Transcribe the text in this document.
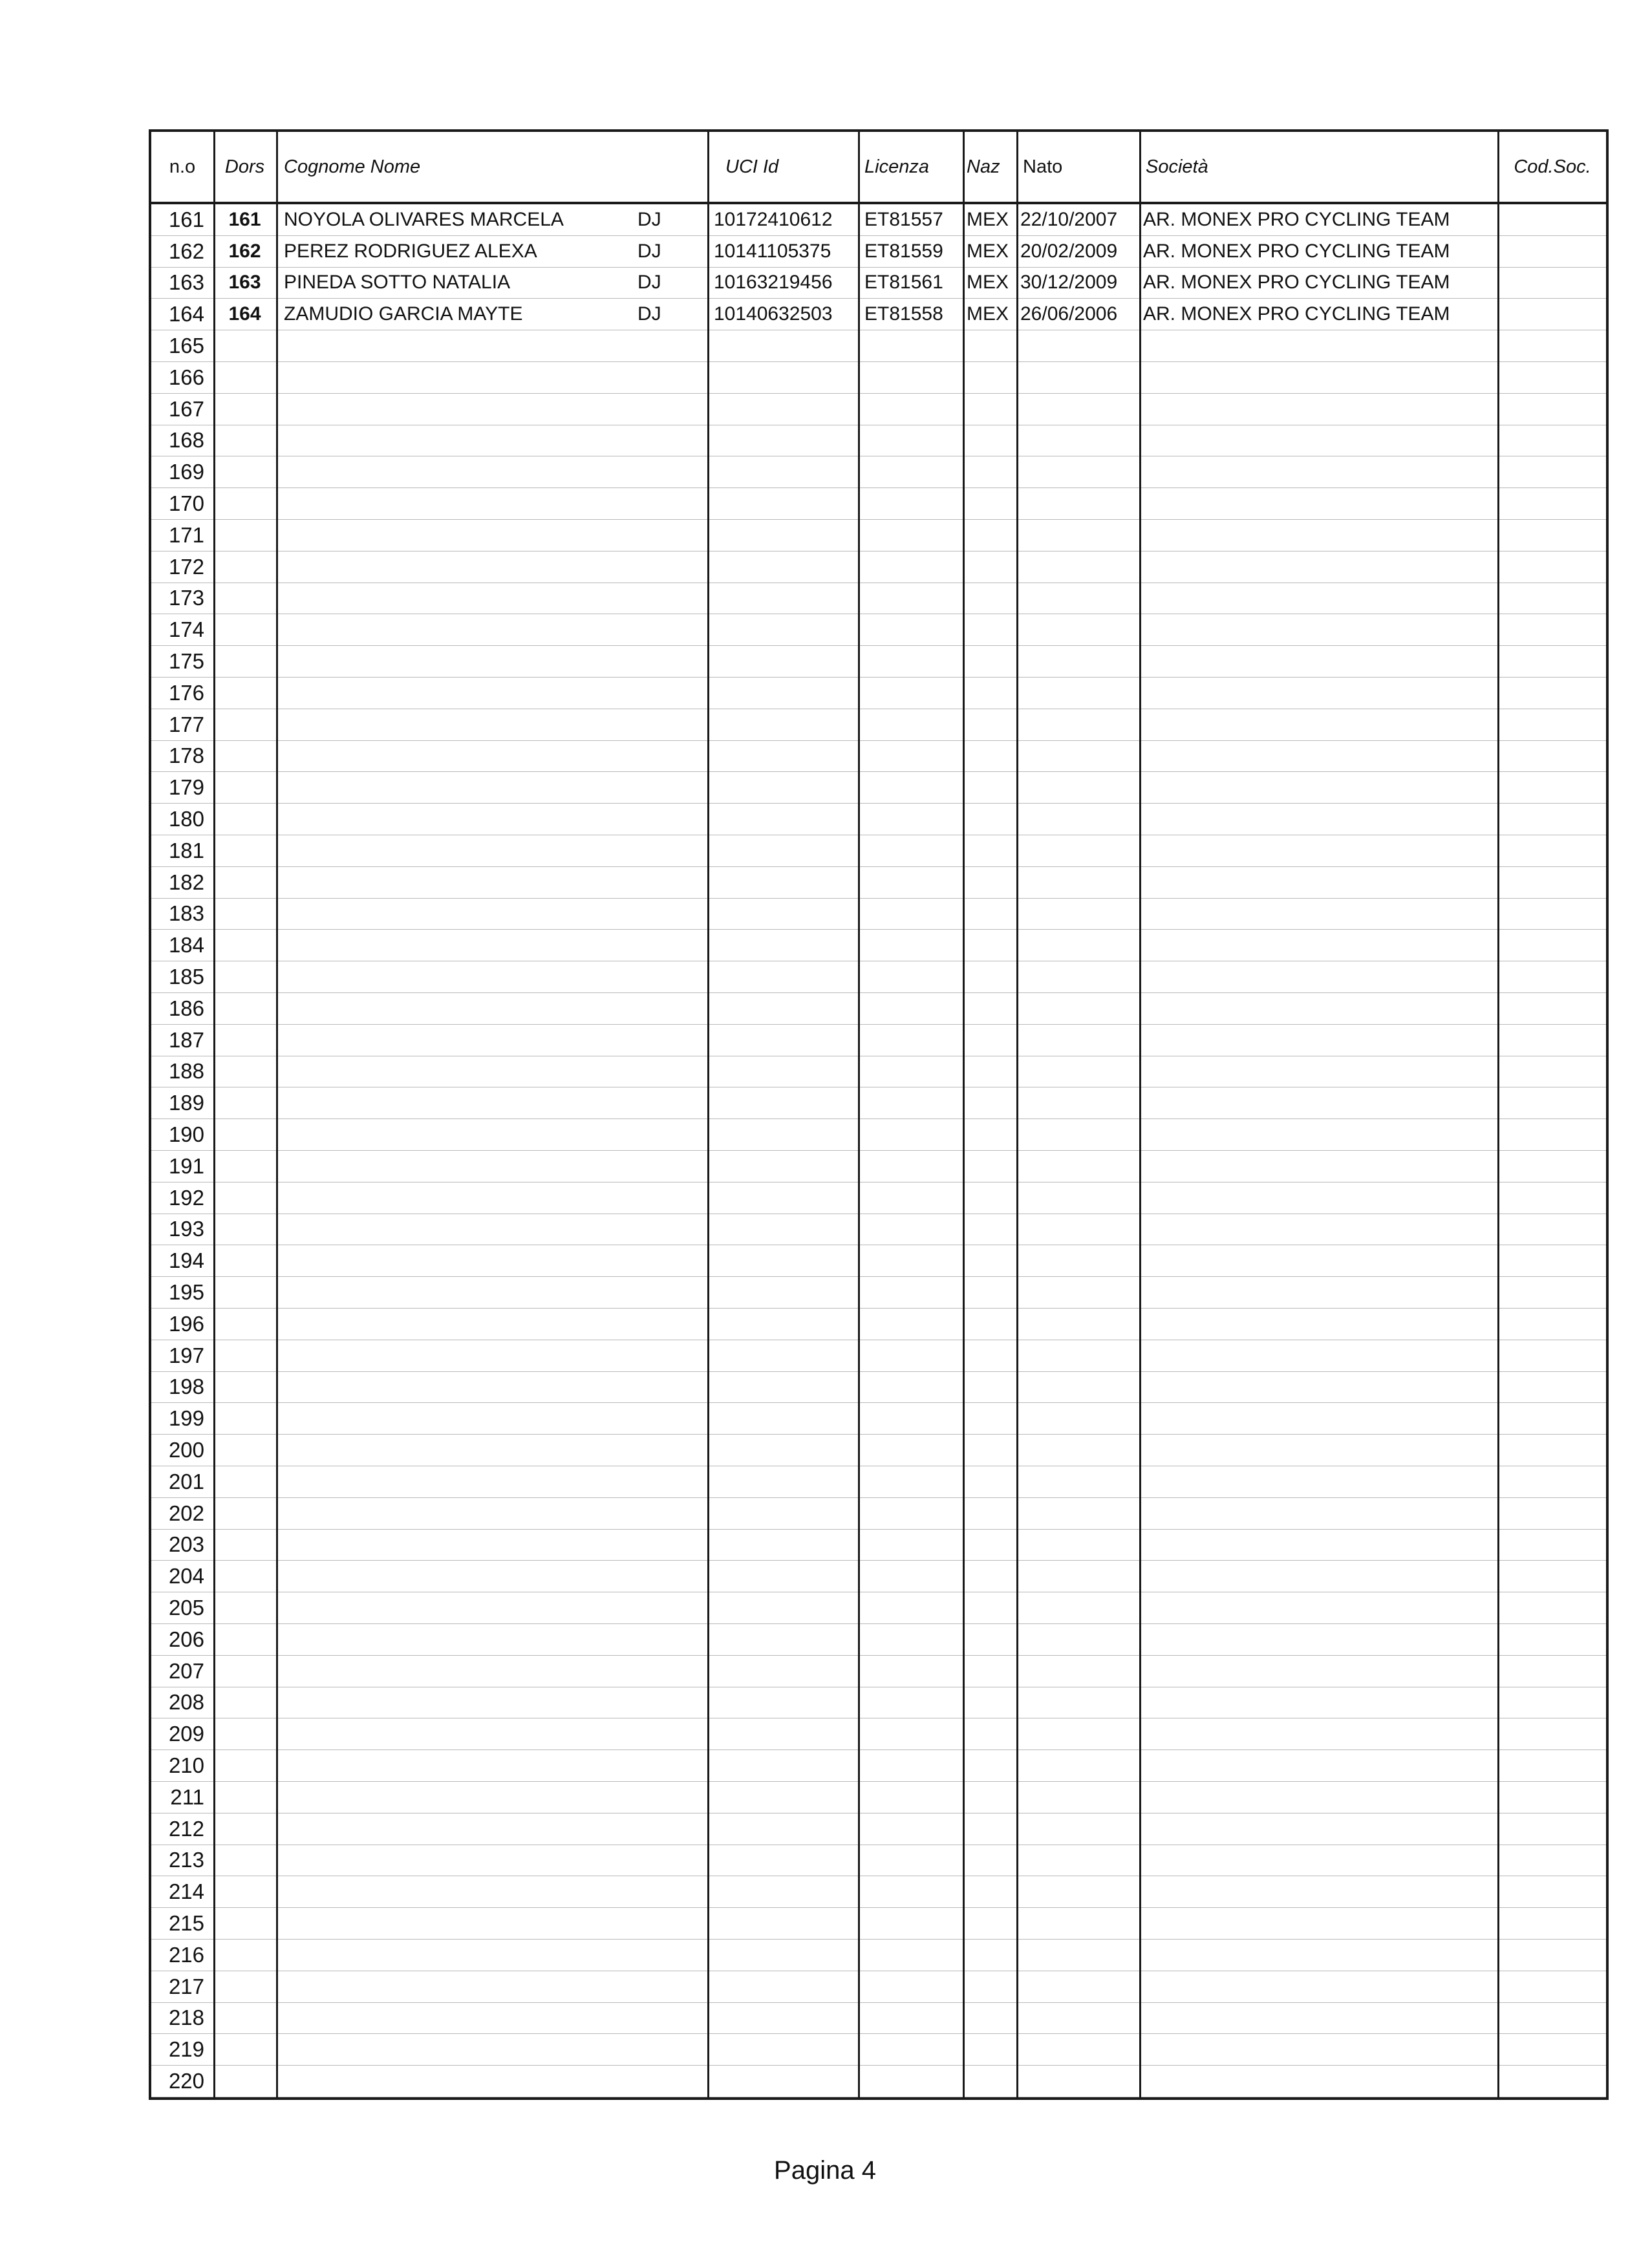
n.o	Dors	Cognome Nome	UCI Id	Licenza	Naz	Nato	Società	Cod.Soc.
161	161	NOYOLA OLIVARES MARCELA	DJ	10172410612	ET81557	MEX 22/10/2007	AR. MONEX PRO CYCLING TEAM
162	162	PEREZ RODRIGUEZ ALEXA	DJ	10141105375	ET81559	MEX 20/02/2009	AR. MONEX PRO CYCLING TEAM
163	163	PINEDA SOTTO NATALIA	DJ	10163219456	ET81561	MEX 30/12/2009	AR. MONEX PRO CYCLING TEAM
164	164	ZAMUDIO GARCIA MAYTE	DJ	10140632503	ET81558	MEX 26/06/2006	AR. MONEX PRO CYCLING TEAM
165
166
167
168
169
170
171
172
173
174
175
176
177
178
179
180
181
182
183
184
185
186
187
188
189
190
191
192
193
194
195
196
197
198
199
200
201
202
203
204
205
206
207
208
209
210
211
212
213
214
215
216
217
218
219
220
Pagina 4
